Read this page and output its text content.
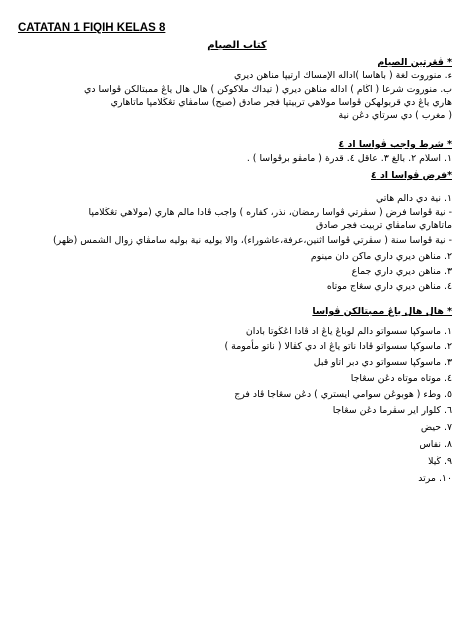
CATATAN 1 FIQIH KELAS 8
كتاب الصيام
* ڤڠرتين الصيام
ء. منوروت لغة ( باهاسا )اداله الإمساك ارتيپا مناهن ديري
ب. منوروت شرعا ( اڬام ) اداله مناهن ديري ( تيداك ملاكوكن ) هال هال ياڠ ممبتالكن ڤواسا دي
هاري ياڠ دي قربولهكن ڤواسا مولاهي تربيتڽا فجر صادق (صبح) سامڤاي تڠڬلامڽا ماتاهاري
( مغرب ) دي سرتاي دڠن نية
* شرط واجب ڤواسا اد ٤
١. اسلام ٢. بالغ ٣. عاقل ٤. قدرة ( مامڤو برڤواسا ) .
*فرض ڤواسا اد ٤
١. نية دي دالم هاتي
- نية ڤواسا فرض ( سڤرتي ڤواسا رمضان، نذر، كفاره ) واجب ڤادا مالم هاري (مولاهي تڠڬلامڽا
ماتاهاري سامڤاي تربيت فجر صادق
- نية ڤواسا سنة ( سڤرتي ڤواسا اثنين،عرفة،عاشوراء)، والا بوليه نية بوليه سامڤاي زوال الشمس (ظهر)
٢. مناهن ديري داري ماكن دان مينوم
٣. مناهن ديري داري جماع
٤. مناهن ديري داري سڠاج موتاه
* هال هال ياڠ ممبتالكن ڤواسا
١. ماسوكڽا سسواتو دالم لوباڠ ياڠ اد ڤادا اڠڬوتا بادان
٢. ماسوكڽا سسواتو ڤادا ناتو ياڠ اد دي كڤالا ( ناتو مأمومة )
٣. ماسوكڽا سسواتو دي دبر اتاو قبل
٤. موتاه موتاه دڠن سڠاجا
٥. وطء ( هوبوڠن سوامي ايستري ) دڠن سڠاجا ڤاد فرج
٦. كلوار اير سڤرما دڠن سڠاجا
٧. حيض
٨. نفاس
٩. ڬيلا
١٠. مرتد
